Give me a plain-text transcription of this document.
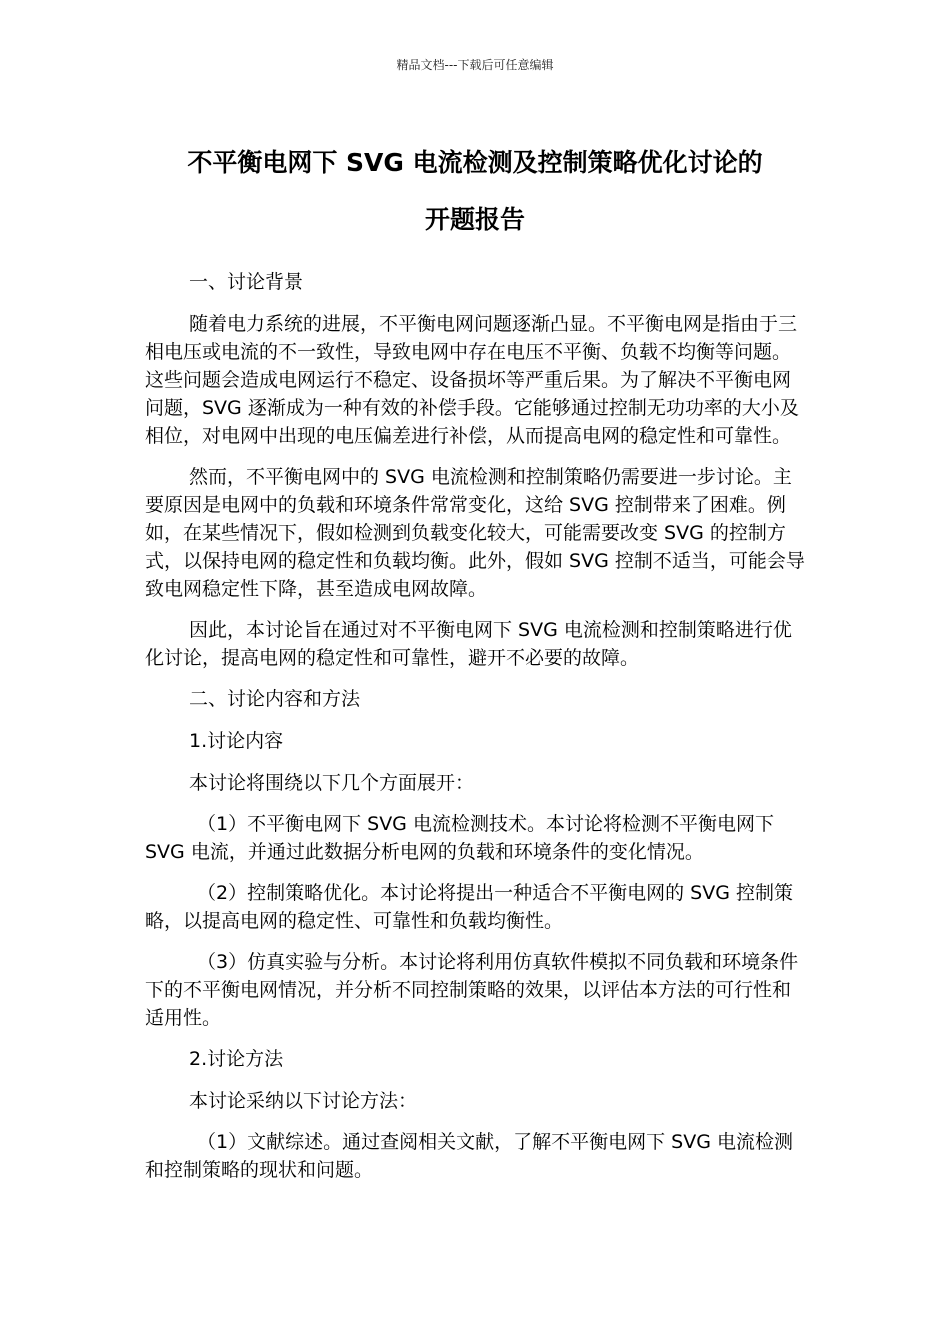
精品文档---下载后可任意编辑
不平衡电网下 SVG 电流检测及控制策略优化讨论的
开题报告

一、讨论背景

随着电力系统的进展，不平衡电网问题逐渐凸显。不平衡电网是指由于三相电压或电流的不一致性，导致电网中存在电压不平衡、负载不均衡等问题。这些问题会造成电网运行不稳定、设备损坏等严重后果。为了解决不平衡电网问题，SVG 逐渐成为一种有效的补偿手段。它能够通过控制无功功率的大小及相位，对电网中出现的电压偏差进行补偿，从而提高电网的稳定性和可靠性。

然而，不平衡电网中的 SVG 电流检测和控制策略仍需要进一步讨论。主要原因是电网中的负载和环境条件常常变化，这给 SVG 控制带来了困难。例如，在某些情况下，假如检测到负载变化较大，可能需要改变 SVG 的控制方式，以保持电网的稳定性和负载均衡。此外，假如 SVG 控制不适当，可能会导致电网稳定性下降，甚至造成电网故障。

因此，本讨论旨在通过对不平衡电网下 SVG 电流检测和控制策略进行优化讨论，提高电网的稳定性和可靠性，避开不必要的故障。

二、讨论内容和方法

1.讨论内容

本讨论将围绕以下几个方面展开：

（1）不平衡电网下 SVG 电流检测技术。本讨论将检测不平衡电网下 SVG 电流，并通过此数据分析电网的负载和环境条件的变化情况。

（2）控制策略优化。本讨论将提出一种适合不平衡电网的 SVG 控制策略，以提高电网的稳定性、可靠性和负载均衡性。

（3）仿真实验与分析。本讨论将利用仿真软件模拟不同负载和环境条件下的不平衡电网情况，并分析不同控制策略的效果，以评估本方法的可行性和适用性。

2.讨论方法

本讨论采纳以下讨论方法：

（1）文献综述。通过查阅相关文献，了解不平衡电网下 SVG 电流检测和控制策略的现状和问题。
